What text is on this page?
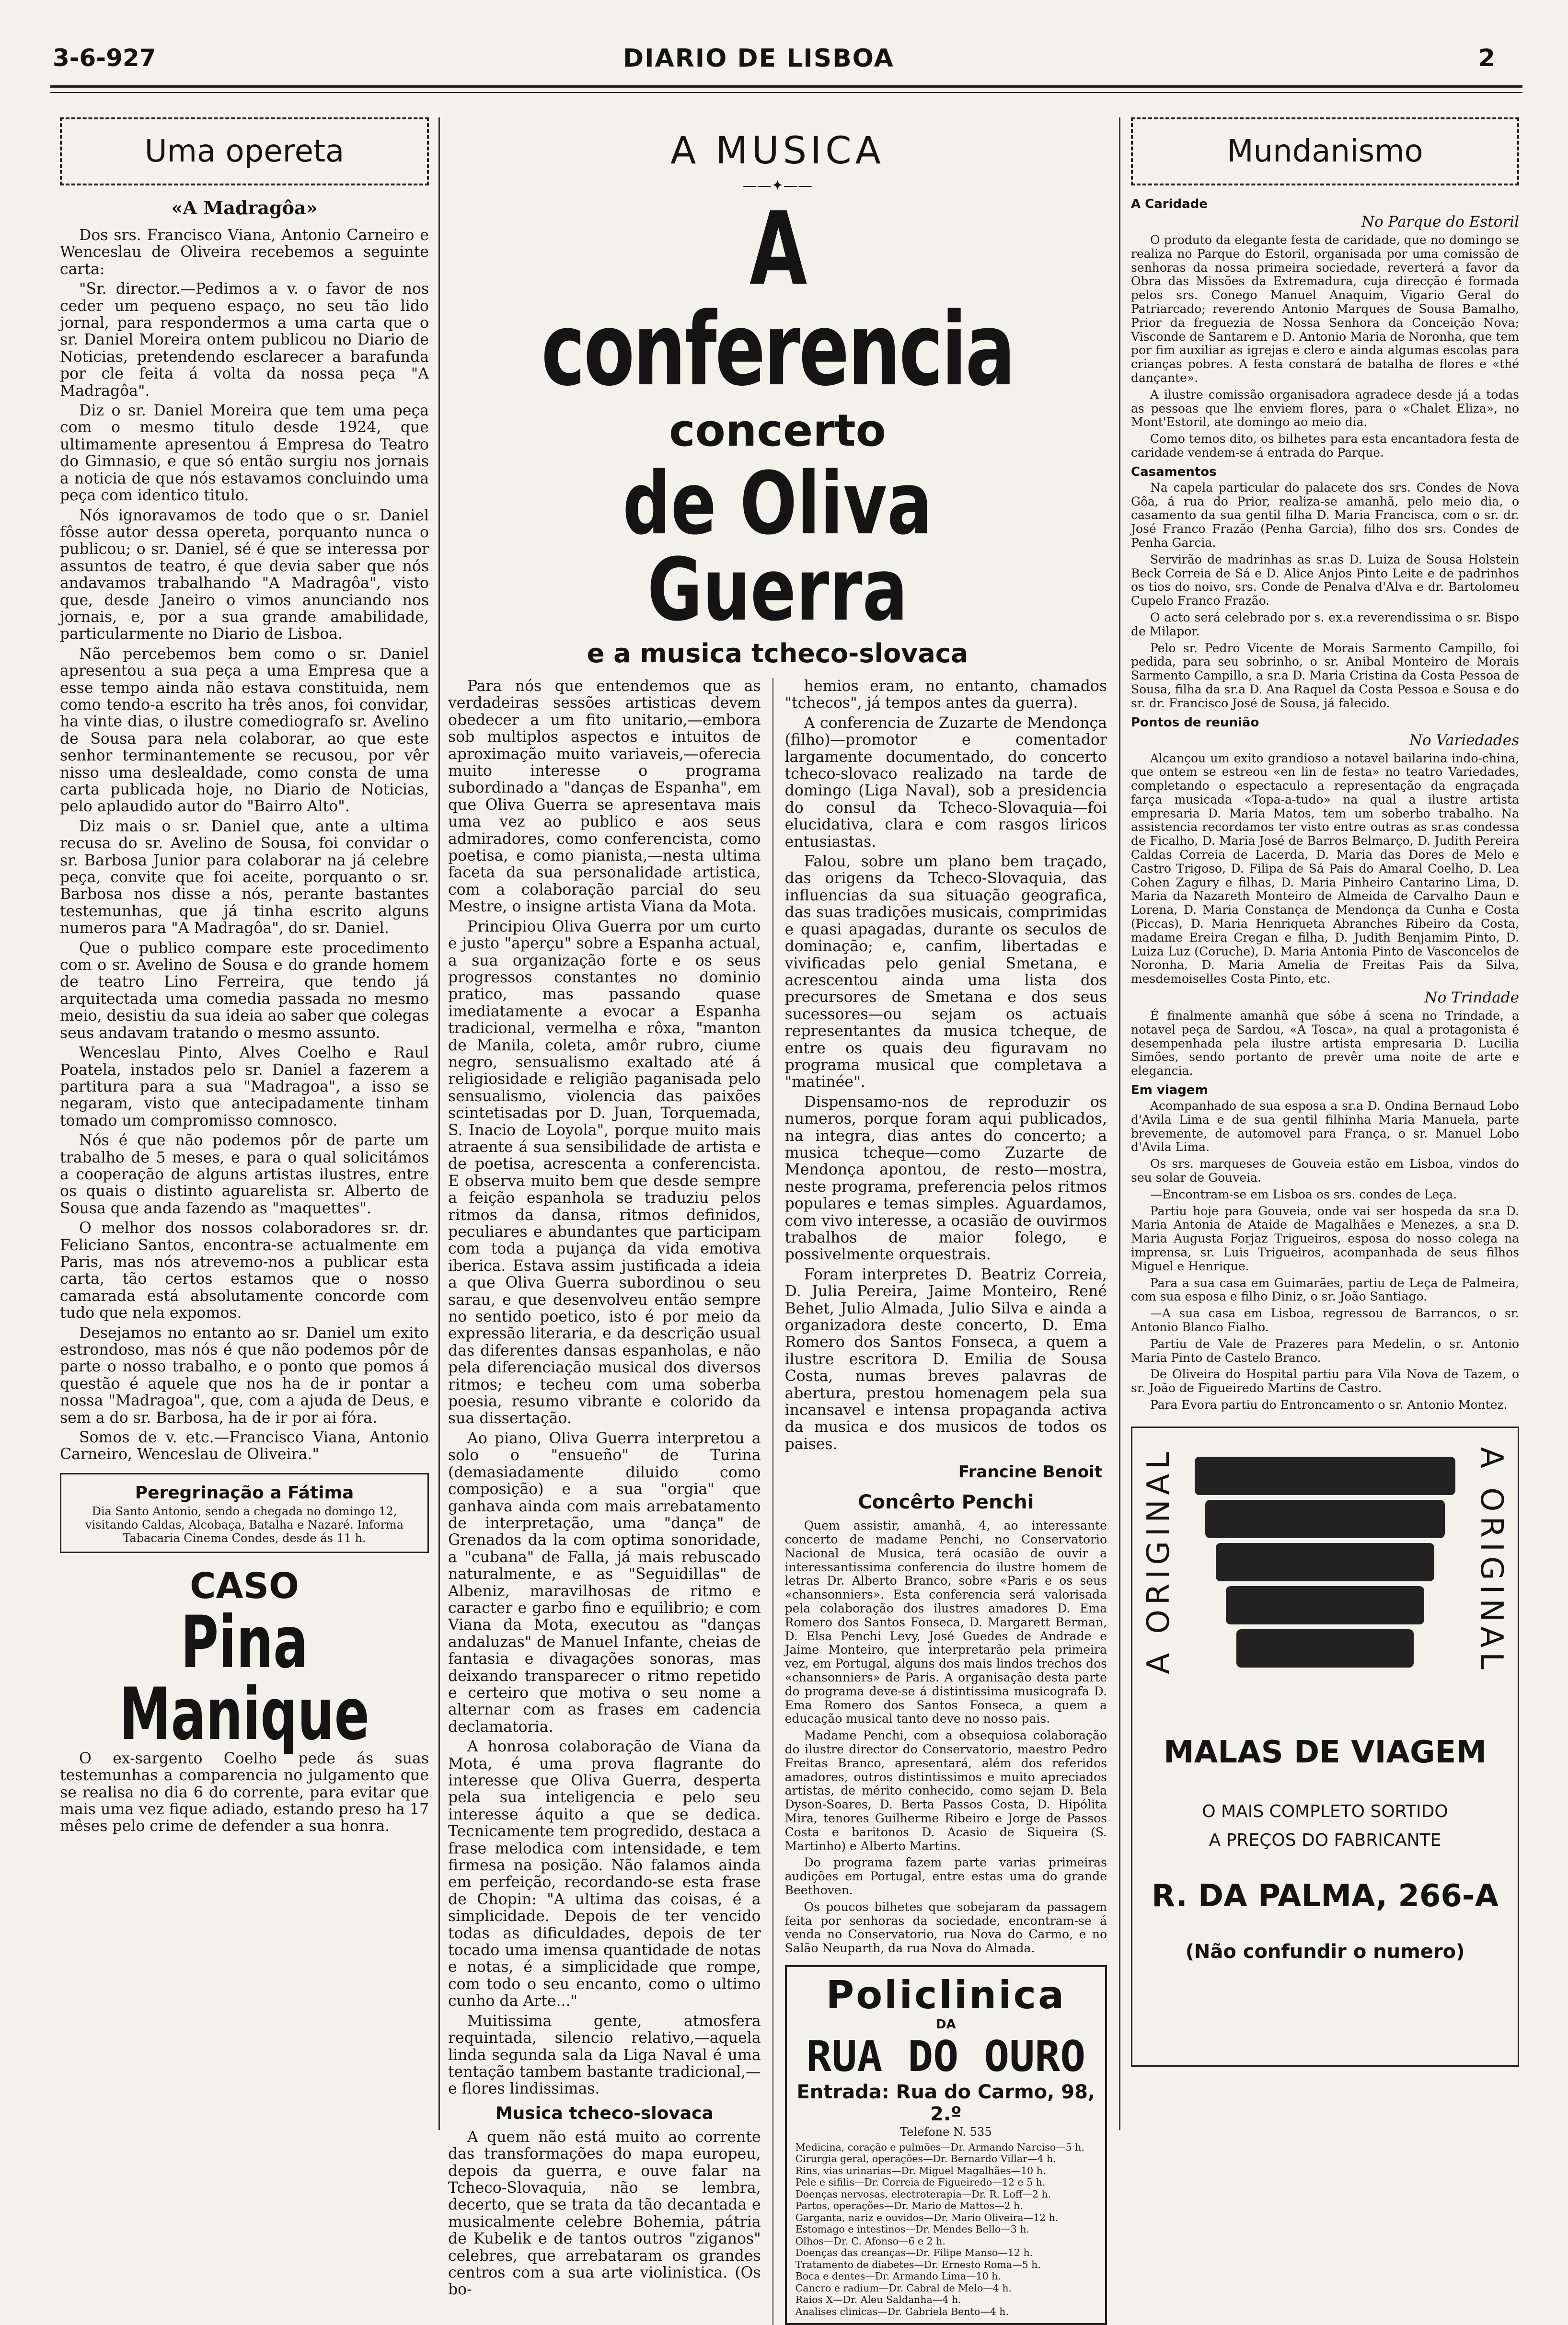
3-6-927	DIARIO DE LISBOA	2
Uma opereta
«A Madragôa»

Dos srs. Francisco Viana, Antonio Carneiro e Wenceslau de Oliveira recebemos a seguinte carta:

"Sr. director.—Pedimos a v. o favor de nos ceder um pequeno espaço, no seu tão lido jornal, para respondermos a uma carta que o sr. Daniel Moreira ontem publicou no Diario de Noticias, pretendendo esclarecer a barafunda por cle feita á volta da nossa peça "A Madragôa".

Diz o sr. Daniel Moreira que tem uma peça com o mesmo titulo desde 1924, que ultimamente apresentou á Empresa do Teatro do Gimnasio, e que só então surgiu nos jornais a noticia de que nós estavamos concluindo uma peça com identico titulo.

Nós ignoravamos de todo que o sr. Daniel fôsse autor dessa opereta, porquanto nunca o publicou; o sr. Daniel, sé é que se interessa por assuntos de teatro, é que devia saber que nós andavamos trabalhando "A Madragôa", visto que, desde Janeiro o vimos anunciando nos jornais, e, por a sua grande amabilidade, particularmente no Diario de Lisboa.

Não percebemos bem como o sr. Daniel apresentou a sua peça a uma Empresa que a esse tempo ainda não estava constituida, nem como tendo-a escrito ha três anos, foi convidar, ha vinte dias, o ilustre comediografo sr. Avelino de Sousa para nela colaborar, ao que este senhor terminantemente se recusou, por vêr nisso uma deslealdade, como consta de uma carta publicada hoje, no Diario de Noticias, pelo aplaudido autor do "Bairro Alto".

Diz mais o sr. Daniel que, ante a ultima recusa do sr. Avelino de Sousa, foi convidar o sr. Barbosa Junior para colaborar na já celebre peça, convite que foi aceite, porquanto o sr. Barbosa nos disse a nós, perante bastantes testemunhas, que já tinha escrito alguns numeros para "A Madragôa", do sr. Daniel.

Que o publico compare este procedimento com o sr. Avelino de Sousa e do grande homem de teatro Lino Ferreira, que tendo já arquitectada uma comedia passada no mesmo meio, desistiu da sua ideia ao saber que colegas seus andavam tratando o mesmo assunto.

Wenceslau Pinto, Alves Coelho e Raul Poatela, instados pelo sr. Daniel a fazerem a partitura para a sua "Madragoa", a isso se negaram, visto que antecipadamente tinham tomado um compromisso comnosco.

Nós é que não podemos pôr de parte um trabalho de 5 meses, e para o qual solicitámos a cooperação de alguns artistas ilustres, entre os quais o distinto aguarelista sr. Alberto de Sousa que anda fazendo as "maquettes".

O melhor dos nossos colaboradores sr. dr. Feliciano Santos, encontra-se actualmente em Paris, mas nós atrevemo-nos a publicar esta carta, tão certos estamos que o nosso camarada está absolutamente concorde com tudo que nela expomos.

Desejamos no entanto ao sr. Daniel um exito estrondoso, mas nós é que não podemos pôr de parte o nosso trabalho, e o ponto que pomos á questão é aquele que nos ha de ir pontar a nossa "Madragoa", que, com a ajuda de Deus, e sem a do sr. Barbosa, ha de ir por ai fóra.

Somos de v. etc.—Francisco Viana, Antonio Carneiro, Wenceslau de Oliveira."

Peregrinação a Fátima
Dia Santo Antonio, sendo a chegada no domingo 12, visitando Caldas, Alcobaça, Batalha e Nazaré. Informa Tabacaria Cinema Condes, desde ás 11 h.
CASO
Pina Manique

O ex-sargento Coelho pede ás suas testemunhas a comparencia no julgamento que se realisa no dia 6 do corrente, para evitar que mais uma vez fique adiado, estando preso ha 17 mêses pelo crime de defender a sua honra.

A MUSICA
——✦——
A conferencia
concerto
de Oliva Guerra
e a musica tcheco-slovaca

Para nós que entendemos que as verdadeiras sessões artisticas devem obedecer a um fito unitario,—embora sob multiplos aspectos e intuitos de aproximação muito variaveis,—oferecia muito interesse o programa subordinado a "danças de Espanha", em que Oliva Guerra se apresentava mais uma vez ao publico e aos seus admiradores, como conferencista, como poetisa, e como pianista,—nesta ultima faceta da sua personalidade artistica, com a colaboração parcial do seu Mestre, o insigne artista Viana da Mota.

Principiou Oliva Guerra por um curto e justo "aperçu" sobre a Espanha actual, a sua organização forte e os seus progressos constantes no dominio pratico, mas passando quase imediatamente a evocar a Espanha tradicional, vermelha e rôxa, "manton de Manila, coleta, amôr rubro, ciume negro, sensualismo exaltado até á religiosidade e religião paganisada pelo sensualismo, violencia das paixões scintetisadas por D. Juan, Torquemada, S. Inacio de Loyola", porque muito mais atraente á sua sensibilidade de artista e de poetisa, acrescenta a conferencista. E observa muito bem que desde sempre a feição espanhola se traduziu pelos ritmos da dansa, ritmos definidos, peculiares e abundantes que participam com toda a pujança da vida emotiva iberica. Estava assim justificada a ideia a que Oliva Guerra subordinou o seu sarau, e que desenvolveu então sempre no sentido poetico, isto é por meio da expressão literaria, e da descrição usual das diferentes dansas espanholas, e não pela diferenciação musical dos diversos ritmos; e techeu com uma soberba poesia, resumo vibrante e colorido da sua dissertação.

Ao piano, Oliva Guerra interpretou a solo o "ensueño" de Turina (demasiadamente diluido como composição) e a sua "orgia" que ganhava ainda com mais arrebatamento de interpretação, uma "dança" de Grenados da la com optima sonoridade, a "cubana" de Falla, já mais rebuscado naturalmente, e as "Seguidillas" de Albeniz, maravilhosas de ritmo e caracter e garbo fino e equilibrio; e com Viana da Mota, executou as "danças andaluzas" de Manuel Infante, cheias de fantasia e divagações sonoras, mas deixando transparecer o ritmo repetido e certeiro que motiva o seu nome a alternar com as frases em cadencia declamatoria.

A honrosa colaboração de Viana da Mota, é uma prova flagrante do interesse que Oliva Guerra, desperta pela sua inteligencia e pelo seu interesse áquito a que se dedica. Tecnicamente tem progredido, destaca a frase melodica com intensidade, e tem firmesa na posição. Não falamos ainda em perfeição, recordando-se esta frase de Chopin: "A ultima das coisas, é a simplicidade. Depois de ter vencido todas as dificuldades, depois de ter tocado uma imensa quantidade de notas e notas, é a simplicidade que rompe, com todo o seu encanto, como o ultimo cunho da Arte..."

Muitissima gente, atmosfera requintada, silencio relativo,—aquela linda segunda sala da Liga Naval é uma tentação tambem bastante tradicional,—e flores lindissimas.

Musica tcheco-slovaca

A quem não está muito ao corrente das transformações do mapa europeu, depois da guerra, e ouve falar na Tcheco-Slovaquia, não se lembra, decerto, que se trata da tão decantada e musicalmente celebre Bohemia, pátria de Kubelik e de tantos outros "ziganos" celebres, que arrebataram os grandes centros com a sua arte violinistica. (Os bo-

hemios eram, no entanto, chamados "tchecos", já tempos antes da guerra).

A conferencia de Zuzarte de Mendonça (filho)—promotor e comentador largamente documentado, do concerto tcheco-slovaco realizado na tarde de domingo (Liga Naval), sob a presidencia do consul da Tcheco-Slovaquia—foi elucidativa, clara e com rasgos liricos entusiastas.

Falou, sobre um plano bem traçado, das origens da Tcheco-Slovaquia, das influencias da sua situação geografica, das suas tradições musicais, comprimidas e quasi apagadas, durante os seculos de dominação; e, canfim, libertadas e vivificadas pelo genial Smetana, e acrescentou ainda uma lista dos precursores de Smetana e dos seus sucessores—ou sejam os actuais representantes da musica tcheque, de entre os quais deu figuravam no programa musical que completava a "matinée".

Dispensamo-nos de reproduzir os numeros, porque foram aqui publicados, na integra, dias antes do concerto; a musica tcheque—como Zuzarte de Mendonça apontou, de resto—mostra, neste programa, preferencia pelos ritmos populares e temas simples. Aguardamos, com vivo interesse, a ocasião de ouvirmos trabalhos de maior folego, e possivelmente orquestrais.

Foram interpretes D. Beatriz Correia, D. Julia Pereira, Jaime Monteiro, René Behet, Julio Almada, Julio Silva e ainda a organizadora deste concerto, D. Ema Romero dos Santos Fonseca, a quem a ilustre escritora D. Emilia de Sousa Costa, numas breves palavras de abertura, prestou homenagem pela sua incansavel e intensa propaganda activa da musica e dos musicos de todos os paises.

Francine Benoit
Concêrto Penchi

Quem assistir, amanhã, 4, ao interessante concerto de madame Penchi, no Conservatorio Nacional de Musica, terá ocasião de ouvir a interessantissima conferencia do ilustre homem de letras Dr. Alberto Branco, sobre «Paris e os seus «chansonniers». Esta conferencia será valorisada pela colaboração dos ilustres amadores D. Ema Romero dos Santos Fonseca, D. Margarett Berman, D. Elsa Penchi Levy, José Guedes de Andrade e Jaime Monteiro, que interpretarão pela primeira vez, em Portugal, alguns dos mais lindos trechos dos «chansonniers» de Paris. A organisação desta parte do programa deve-se á distintissima musicografa D. Ema Romero dos Santos Fonseca, a quem a educação musical tanto deve no nosso pais.

Madame Penchi, com a obsequiosa colaboração do ilustre director do Conservatorio, maestro Pedro Freitas Branco, apresentará, além dos referidos amadores, outros distintissimos e muito apreciados artistas, de mérito conhecido, como sejam D. Bela Dyson-Soares, D. Berta Passos Costa, D. Hipólita Mira, tenores Guilherme Ribeiro e Jorge de Passos Costa e baritonos D. Acasio de Siqueira (S. Martinho) e Alberto Martins.

Do programa fazem parte varias primeiras audições em Portugal, entre estas uma do grande Beethoven.

Os poucos bilhetes que sobejaram da passagem feita por senhoras da sociedade, encontram-se á venda no Conservatorio, rua Nova do Carmo, e no Salão Neuparth, da rua Nova do Almada.

Policlinica
DA
RUA DO OURO
Entrada: Rua do Carmo, 98, 2.º
Telefone N. 535
Medicina, coração e pulmões—Dr. Armando Narciso—5 h.
Cirurgia geral, operações—Dr. Bernardo Villar—4 h.
Rins, vias urinarias—Dr. Miguel Magalhães—10 h.
Pele e sifilis—Dr. Correia de Figueiredo—12 e 5 h.
Doenças nervosas, electroterapia—Dr. R. Loff—2 h.
Partos, operações—Dr. Mario de Mattos—2 h.
Garganta, nariz e ouvidos—Dr. Mario Oliveira—12 h.
Estomago e intestinos—Dr. Mendes Bello—3 h.
Olhos—Dr. C. Afonso—6 e 2 h.
Doenças das creanças—Dr. Filipe Manso—12 h.
Tratamento de diabetes—Dr. Ernesto Roma—5 h.
Boca e dentes—Dr. Armando Lima—10 h.
Cancro e radium—Dr. Cabral de Melo—4 h.
Raios X—Dr. Aleu Saldanha—4 h.
Analises clinicas—Dr. Gabriela Bento—4 h.
Mundanismo
A Caridade
No Parque do Estoril

O produto da elegante festa de caridade, que no domingo se realiza no Parque do Estoril, organisada por uma comissão de senhoras da nossa primeira sociedade, reverterá a favor da Obra das Missões da Extremadura, cuja direcção é formada pelos srs. Conego Manuel Anaquim, Vigario Geral do Patriarcado; reverendo Antonio Marques de Sousa Bamalho, Prior da freguezia de Nossa Senhora da Conceição Nova; Visconde de Santarem e D. Antonio Maria de Noronha, que tem por fim auxiliar as igrejas e clero e ainda algumas escolas para crianças pobres. A festa constará de batalha de flores e «thé dançante».

A ilustre comissão organisadora agradece desde já a todas as pessoas que lhe enviem flores, para o «Chalet Eliza», no Mont'Estoril, ate domingo ao meio dia.

Como temos dito, os bilhetes para esta encantadora festa de caridade vendem-se á entrada do Parque.

Casamentos

Na capela particular do palacete dos srs. Condes de Nova Gôa, á rua do Prior, realiza-se amanhã, pelo meio dia, o casamento da sua gentil filha D. Maria Francisca, com o sr. dr. José Franco Frazão (Penha Garcia), filho dos srs. Condes de Penha Garcia.

Servirão de madrinhas as sr.as D. Luiza de Sousa Holstein Beck Correia de Sá e D. Alice Anjos Pinto Leite e de padrinhos os tios do noivo, srs. Conde de Penalva d'Alva e dr. Bartolomeu Cupelo Franco Frazão.

O acto será celebrado por s. ex.a reverendissima o sr. Bispo de Milapor.

Pelo sr. Pedro Vicente de Morais Sarmento Campillo, foi pedida, para seu sobrinho, o sr. Anibal Monteiro de Morais Sarmento Campillo, a sr.a D. Maria Cristina da Costa Pessoa de Sousa, filha da sr.a D. Ana Raquel da Costa Pessoa e Sousa e do sr. dr. Francisco José de Sousa, já falecido.

Pontos de reunião
No Variedades

Alcançou um exito grandioso a notavel bailarina indo-china, que ontem se estreou «en lin de festa» no teatro Variedades, completando o espectaculo a representação da engraçada farça musicada «Topa-a-tudo» na qual a ilustre artista empresaria D. Maria Matos, tem um soberbo trabalho. Na assistencia recordamos ter visto entre outras as sr.as condessa de Ficalho, D. Maria José de Barros Belmarço, D. Judith Pereira Caldas Correia de Lacerda, D. Maria das Dores de Melo e Castro Trigoso, D. Filipa de Sá Pais do Amaral Coelho, D. Lea Cohen Zagury e filhas, D. Maria Pinheiro Cantarino Lima, D. Maria da Nazareth Monteiro de Almeida de Carvalho Daun e Lorena, D. Maria Constança de Mendonça da Cunha e Costa (Piccas), D. Maria Henriqueta Abranches Ribeiro da Costa, madame Ereira Cregan e filha, D. Judith Benjamim Pinto, D. Luiza Luz (Coruche), D. Maria Antonia Pinto de Vasconcelos de Noronha, D. Maria Amelia de Freitas Pais da Silva, mesdemoiselles Costa Pinto, etc.

No Trindade

É finalmente amanhã que sóbe á scena no Trindade, a notavel peça de Sardou, «A Tosca», na qual a protagonista é desempenhada pela ilustre artista empresaria D. Lucilia Simões, sendo portanto de prevêr uma noite de arte e elegancia.

Em viagem

Acompanhado de sua esposa a sr.a D. Ondina Bernaud Lobo d'Avila Lima e de sua gentil filhinha Maria Manuela, parte brevemente, de automovel para França, o sr. Manuel Lobo d'Avila Lima.

Os srs. marqueses de Gouveia estão em Lisboa, vindos do seu solar de Gouveia.

—Encontram-se em Lisboa os srs. condes de Leça.

Partiu hoje para Gouveia, onde vai ser hospeda da sr.a D. Maria Antonia de Ataide de Magalhães e Menezes, a sr.a D. Maria Augusta Forjaz Trigueiros, esposa do nosso colega na imprensa, sr. Luis Trigueiros, acompanhada de seus filhos Miguel e Henrique.

Para a sua casa em Guimarães, partiu de Leça de Palmeira, com sua esposa e filho Diniz, o sr. João Santiago.

—A sua casa em Lisboa, regressou de Barrancos, o sr. Antonio Blanco Fialho.

Partiu de Vale de Prazeres para Medelin, o sr. Antonio Maria Pinto de Castelo Branco.

De Oliveira do Hospital partiu para Vila Nova de Tazem, o sr. João de Figueiredo Martins de Castro.

Para Evora partiu do Entroncamento o sr. Antonio Montez.

A ORIGINAL	A ORIGINAL
MALAS DE VIAGEM
O MAIS COMPLETO SORTIDO
A PREÇOS DO FABRICANTE
R. DA PALMA, 266-A
(Não confundir o numero)
